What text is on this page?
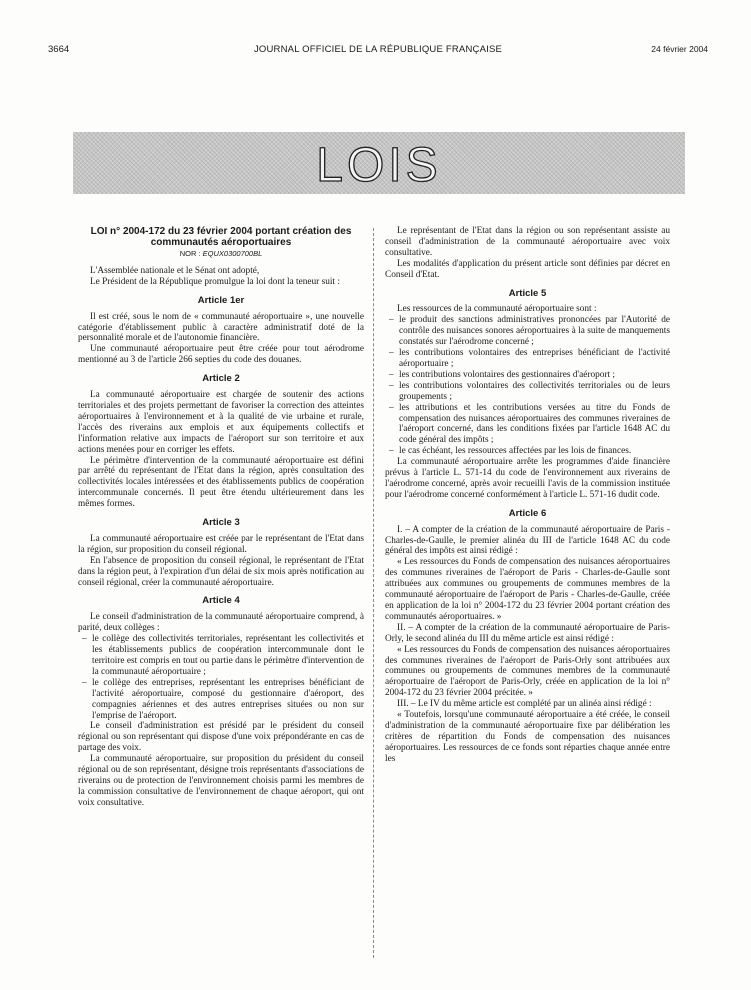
3664	JOURNAL OFFICIEL DE LA RÉPUBLIQUE FRANÇAISE	24 février 2004
LOIS
LOI n° 2004-172 du 23 février 2004 portant création des communautés aéroportuaires
NOR : EQUX0300700BL

L'Assemblée nationale et le Sénat ont adopté,

Le Président de la République promulgue la loi dont la teneur suit :

Article 1er

Il est créé, sous le nom de « communauté aéroportuaire », une nouvelle catégorie d'établissement public à caractère administratif doté de la personnalité morale et de l'autonomie financière.

Une communauté aéroportuaire peut être créée pour tout aérodrome mentionné au 3 de l'article 266 septies du code des douanes.

Article 2

La communauté aéroportuaire est chargée de soutenir des actions territoriales et des projets permettant de favoriser la correction des atteintes aéroportuaires à l'environnement et à la qualité de vie urbaine et rurale, l'accès des riverains aux emplois et aux équipements collectifs et l'information relative aux impacts de l'aéroport sur son territoire et aux actions menées pour en corriger les effets.

Le périmètre d'intervention de la communauté aéroportuaire est défini par arrêté du représentant de l'Etat dans la région, après consultation des collectivités locales intéressées et des établissements publics de coopération intercommunale concernés. Il peut être étendu ultérieurement dans les mêmes formes.

Article 3

La communauté aéroportuaire est créée par le représentant de l'Etat dans la région, sur proposition du conseil régional.

En l'absence de proposition du conseil régional, le représentant de l'Etat dans la région peut, à l'expiration d'un délai de six mois après notification au conseil régional, créer la communauté aéroportuaire.

Article 4

Le conseil d'administration de la communauté aéroportuaire comprend, à parité, deux collèges :

– le collège des collectivités territoriales, représentant les collectivités et les établissements publics de coopération intercommunale dont le territoire est compris en tout ou partie dans le périmètre d'intervention de la communauté aéroportuaire ;
– le collège des entreprises, représentant les entreprises bénéficiant de l'activité aéroportuaire, composé du gestionnaire d'aéroport, des compagnies aériennes et des autres entreprises situées ou non sur l'emprise de l'aéroport.

Le conseil d'administration est présidé par le président du conseil régional ou son représentant qui dispose d'une voix prépondérante en cas de partage des voix.

La communauté aéroportuaire, sur proposition du président du conseil régional ou de son représentant, désigne trois représentants d'associations de riverains ou de protection de l'environnement choisis parmi les membres de la commission consultative de l'environnement de chaque aéroport, qui ont voix consultative.

Le représentant de l'Etat dans la région ou son représentant assiste au conseil d'administration de la communauté aéroportuaire avec voix consultative.

Les modalités d'application du présent article sont définies par décret en Conseil d'Etat.

Article 5

Les ressources de la communauté aéroportuaire sont :

– le produit des sanctions administratives prononcées par l'Autorité de contrôle des nuisances sonores aéroportuaires à la suite de manquements constatés sur l'aérodrome concerné ;
– les contributions volontaires des entreprises bénéficiant de l'activité aéroportuaire ;
– les contributions volontaires des gestionnaires d'aéroport ;
– les contributions volontaires des collectivités territoriales ou de leurs groupements ;
– les attributions et les contributions versées au titre du Fonds de compensation des nuisances aéroportuaires des communes riveraines de l'aéroport concerné, dans les conditions fixées par l'article 1648 AC du code général des impôts ;
– le cas échéant, les ressources affectées par les lois de finances.

La communauté aéroportuaire arrête les programmes d'aide financière prévus à l'article L. 571-14 du code de l'environnement aux riverains de l'aérodrome concerné, après avoir recueilli l'avis de la commission instituée pour l'aérodrome concerné conformément à l'article L. 571-16 dudit code.

Article 6

I. – A compter de la création de la communauté aéroportuaire de Paris - Charles-de-Gaulle, le premier alinéa du III de l'article 1648 AC du code général des impôts est ainsi rédigé :

« Les ressources du Fonds de compensation des nuisances aéroportuaires des communes riveraines de l'aéroport de Paris - Charles-de-Gaulle sont attribuées aux communes ou groupements de communes membres de la communauté aéroportuaire de l'aéroport de Paris - Charles-de-Gaulle, créée en application de la loi n° 2004-172 du 23 février 2004 portant création des communautés aéroportuaires. »

II. – A compter de la création de la communauté aéroportuaire de Paris-Orly, le second alinéa du III du même article est ainsi rédigé :

« Les ressources du Fonds de compensation des nuisances aéroportuaires des communes riveraines de l'aéroport de Paris-Orly sont attribuées aux communes ou groupements de communes membres de la communauté aéroportuaire de l'aéroport de Paris-Orly, créée en application de la loi n° 2004-172 du 23 février 2004 précitée. »

III. – Le IV du même article est complété par un alinéa ainsi rédigé :

« Toutefois, lorsqu'une communauté aéroportuaire a été créée, le conseil d'administration de la communauté aéroportuaire fixe par délibération les critères de répartition du Fonds de compensation des nuisances aéroportuaires. Les ressources de ce fonds sont réparties chaque année entre les
